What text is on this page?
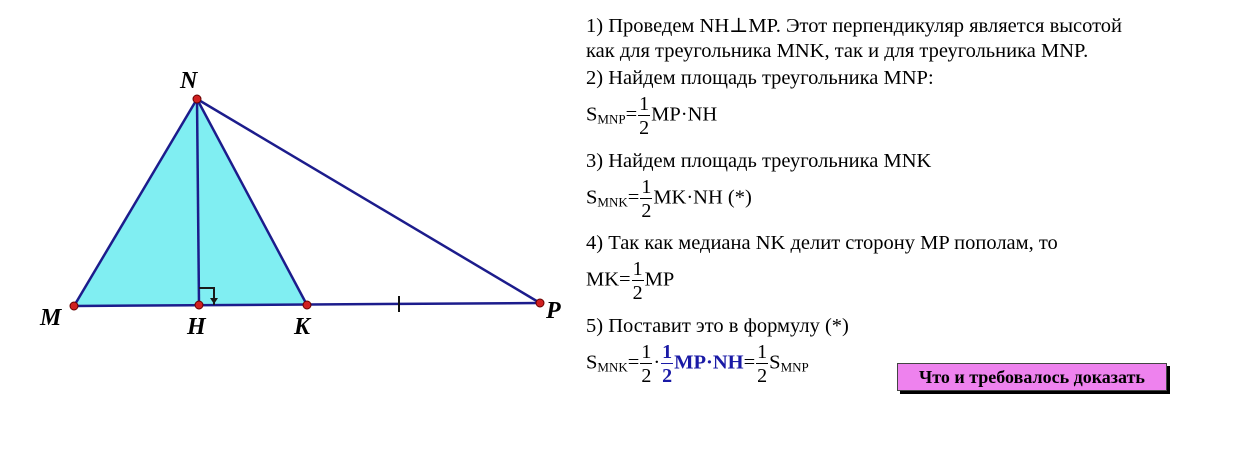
N
M	H	K
P
1) Проведем NH⊥MP. Этот перпендикуляр является высотой
как для треугольника MNK, так и для треугольника MNP.
2) Найдем площадь треугольника MNP:
$S_{MNP}= \frac{1}{2} MP\cdot NH$
3) Найдем площадь треугольника MNK
$S_{MNK}= \frac{1}{2} MK\cdot NH$ (*)
4) Так как медиана NK делит сторону MP пополам, то
$MK= \frac{1}{2}$ MP
5) Поставит это в формулу (*)
$S_{MNK}= \frac{1}{2} \cdot \frac{1}{2} MP\cdot NH= \frac{1}{2} S_{MNP}$	Что и требовалось доказать
